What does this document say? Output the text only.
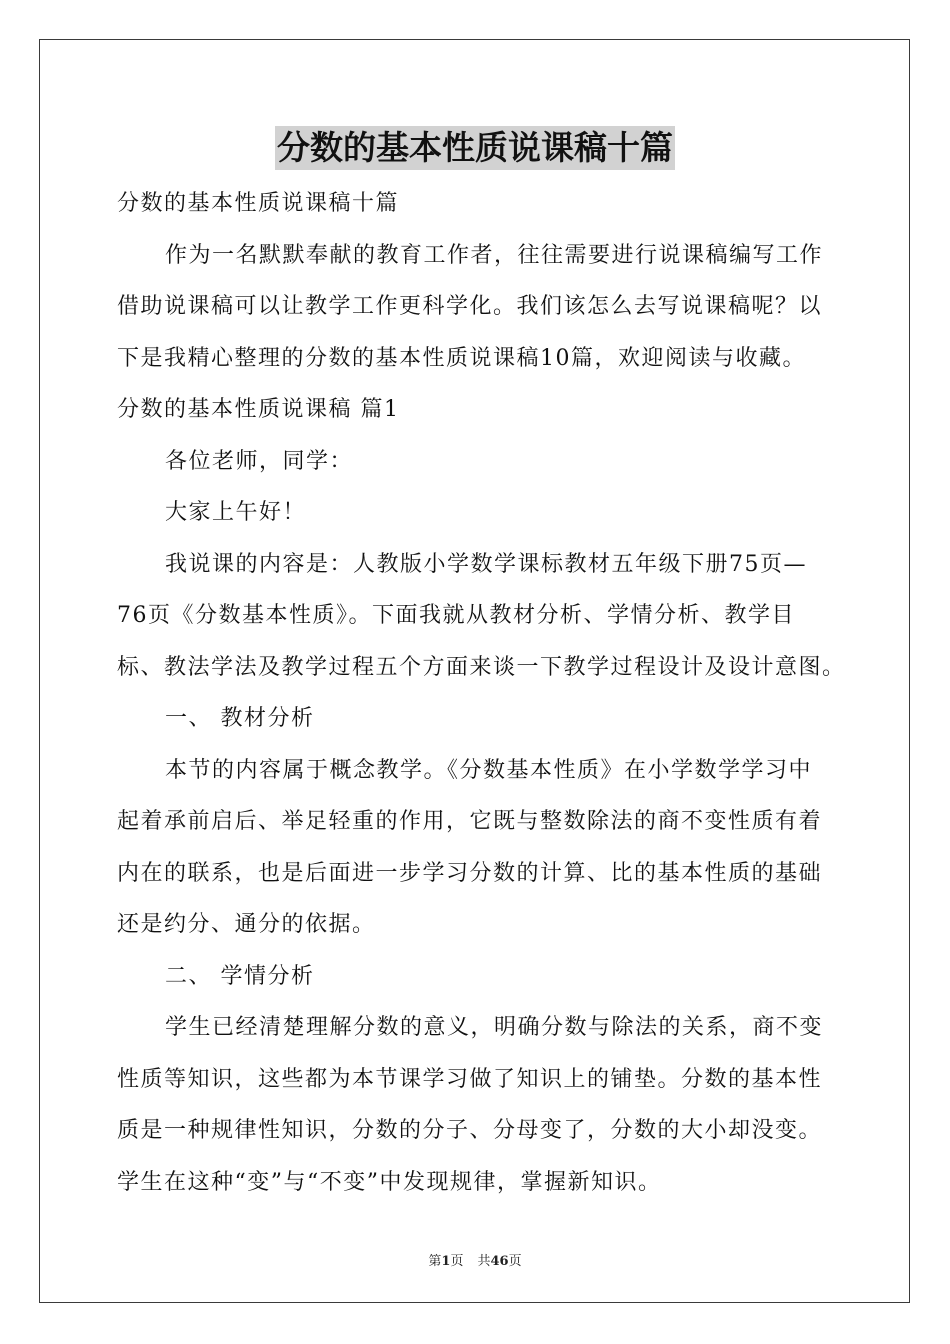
分数的基本性质说课稿十篇
分数的基本性质说课稿十篇
作为一名默默奉献的教育工作者，往往需要进行说课稿编写工作
借助说课稿可以让教学工作更科学化。我们该怎么去写说课稿呢？以
下是我精心整理的分数的基本性质说课稿10篇，欢迎阅读与收藏。
分数的基本性质说课稿 篇1
各位老师，同学：
大家上午好！
我说课的内容是：人教版小学数学课标教材五年级下册75页—
76页《分数基本性质》。下面我就从教材分析、学情分析、教学目
标、教法学法及教学过程五个方面来谈一下教学过程设计及设计意图。
一、 教材分析
本节的内容属于概念教学。《分数基本性质》在小学数学学习中
起着承前启后、举足轻重的作用，它既与整数除法的商不变性质有着
内在的联系，也是后面进一步学习分数的计算、比的基本性质的基础
还是约分、通分的依据。
二、 学情分析
学生已经清楚理解分数的意义，明确分数与除法的关系，商不变
性质等知识，这些都为本节课学习做了知识上的铺垫。分数的基本性
质是一种规律性知识，分数的分子、分母变了，分数的大小却没变。
学生在这种“变”与“不变”中发现规律，掌握新知识。
第1页 共46页
